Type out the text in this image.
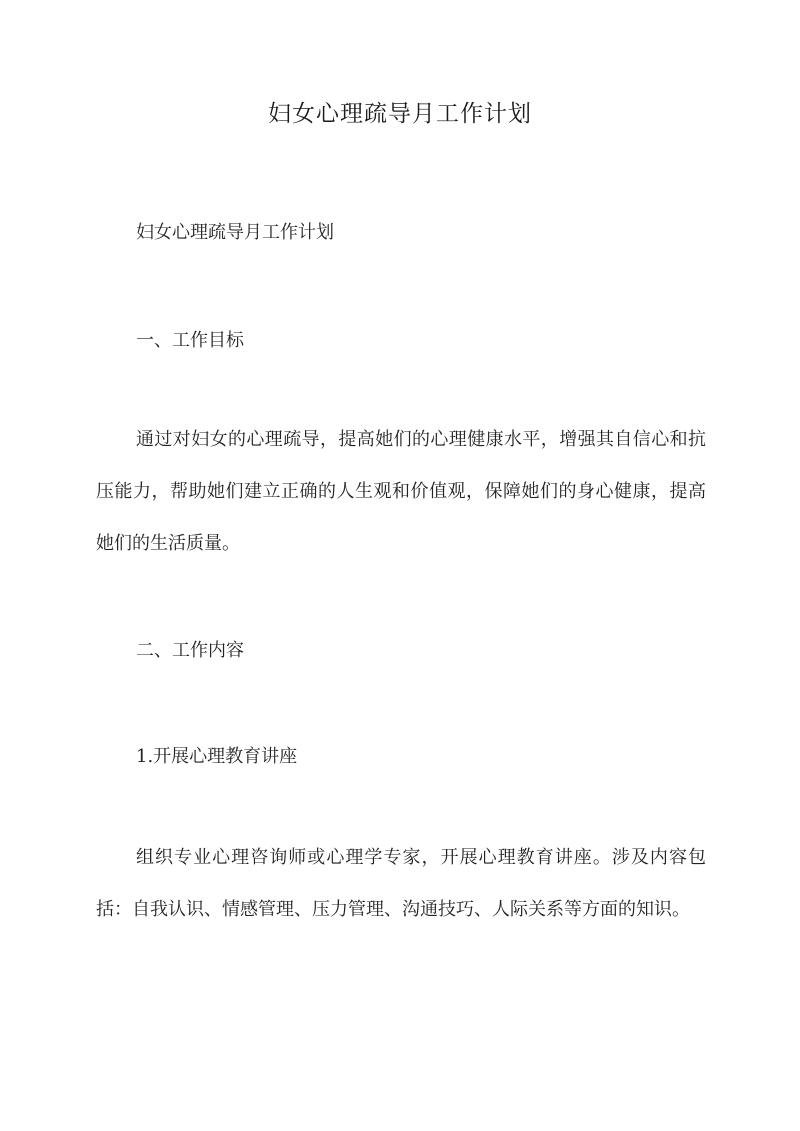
妇女心理疏导月工作计划
妇女心理疏导月工作计划
一、工作目标
通过对妇女的心理疏导，提高她们的心理健康水平，增强其自信心和抗压能力，帮助她们建立正确的人生观和价值观，保障她们的身心健康，提高她们的生活质量。
二、工作内容
1.开展心理教育讲座
组织专业心理咨询师或心理学专家，开展心理教育讲座。涉及内容包括：自我认识、情感管理、压力管理、沟通技巧、人际关系等方面的知识。
